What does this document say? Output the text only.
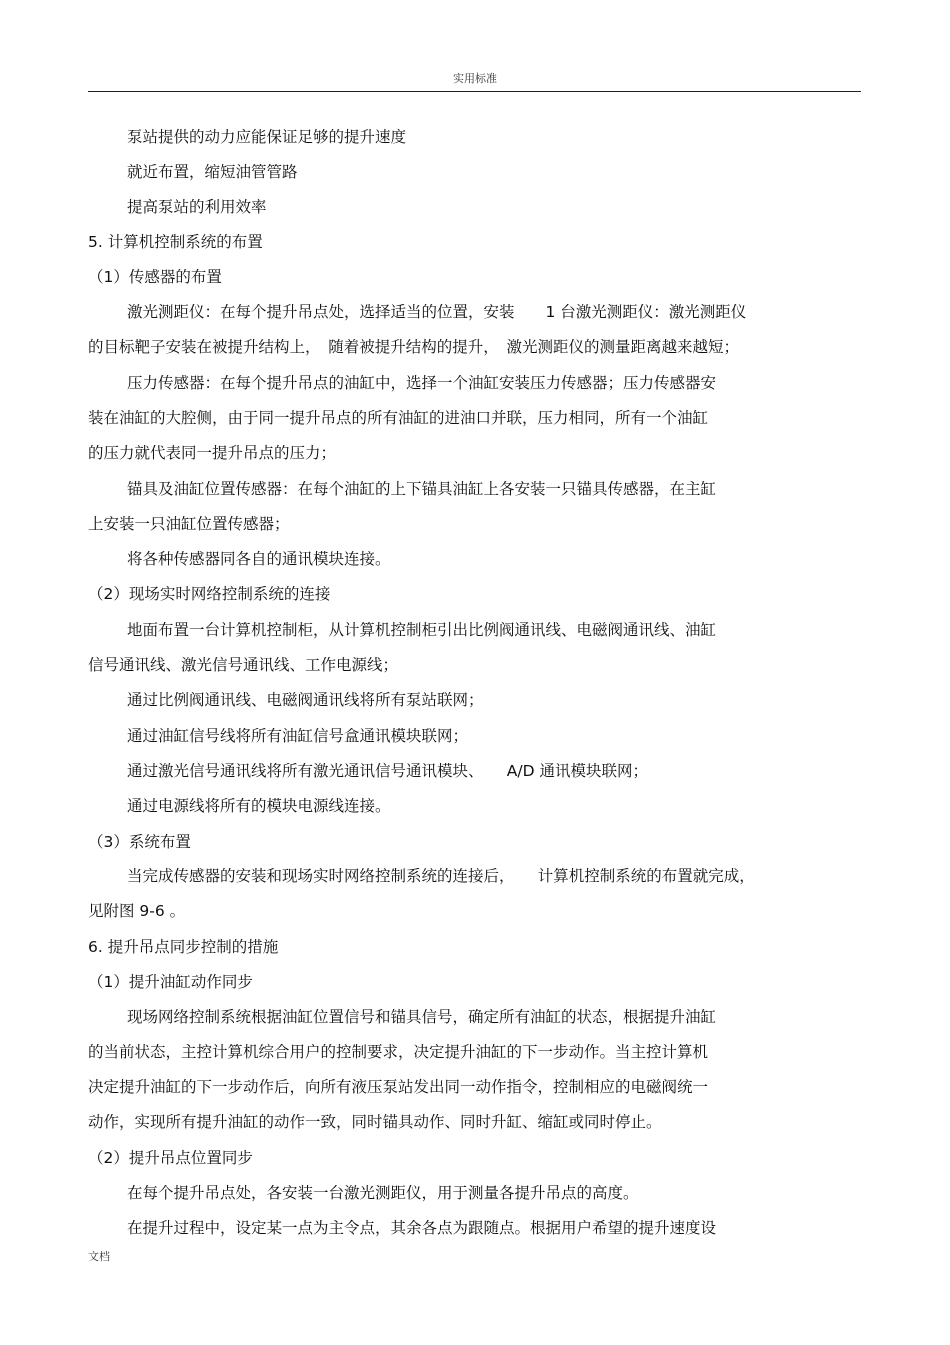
实用标准
泵站提供的动力应能保证足够的提升速度
就近布置，缩短油管管路
提高泵站的利用效率
5. 计算机控制系统的布置
（1）传感器的布置
激光测距仪：在每个提升吊点处，选择适当的位置，安装　　1 台激光测距仪：激光测距仪
的目标靶子安装在被提升结构上，　随着被提升结构的提升，　激光测距仪的测量距离越来越短；
压力传感器：在每个提升吊点的油缸中，选择一个油缸安装压力传感器；压力传感器安
装在油缸的大腔侧，由于同一提升吊点的所有油缸的进油口并联，压力相同，所有一个油缸
的压力就代表同一提升吊点的压力；
锚具及油缸位置传感器：在每个油缸的上下锚具油缸上各安装一只锚具传感器，在主缸
上安装一只油缸位置传感器；
将各种传感器同各自的通讯模块连接。
（2）现场实时网络控制系统的连接
地面布置一台计算机控制柜，从计算机控制柜引出比例阀通讯线、电磁阀通讯线、油缸
信号通讯线、激光信号通讯线、工作电源线；
通过比例阀通讯线、电磁阀通讯线将所有泵站联网；
通过油缸信号线将所有油缸信号盒通讯模块联网；
通过激光信号通讯线将所有激光通讯信号通讯模块、　　A/D 通讯模块联网；
通过电源线将所有的模块电源线连接。
（3）系统布置
当完成传感器的安装和现场实时网络控制系统的连接后，　　计算机控制系统的布置就完成，
见附图 9-6 。
6. 提升吊点同步控制的措施
（1）提升油缸动作同步
现场网络控制系统根据油缸位置信号和锚具信号，确定所有油缸的状态，根据提升油缸
的当前状态，主控计算机综合用户的控制要求，决定提升油缸的下一步动作。当主控计算机
决定提升油缸的下一步动作后，向所有液压泵站发出同一动作指令，控制相应的电磁阀统一
动作，实现所有提升油缸的动作一致，同时锚具动作、同时升缸、缩缸或同时停止。
（2）提升吊点位置同步
在每个提升吊点处，各安装一台激光测距仪，用于测量各提升吊点的高度。
在提升过程中，设定某一点为主令点，其余各点为跟随点。根据用户希望的提升速度设
文档
